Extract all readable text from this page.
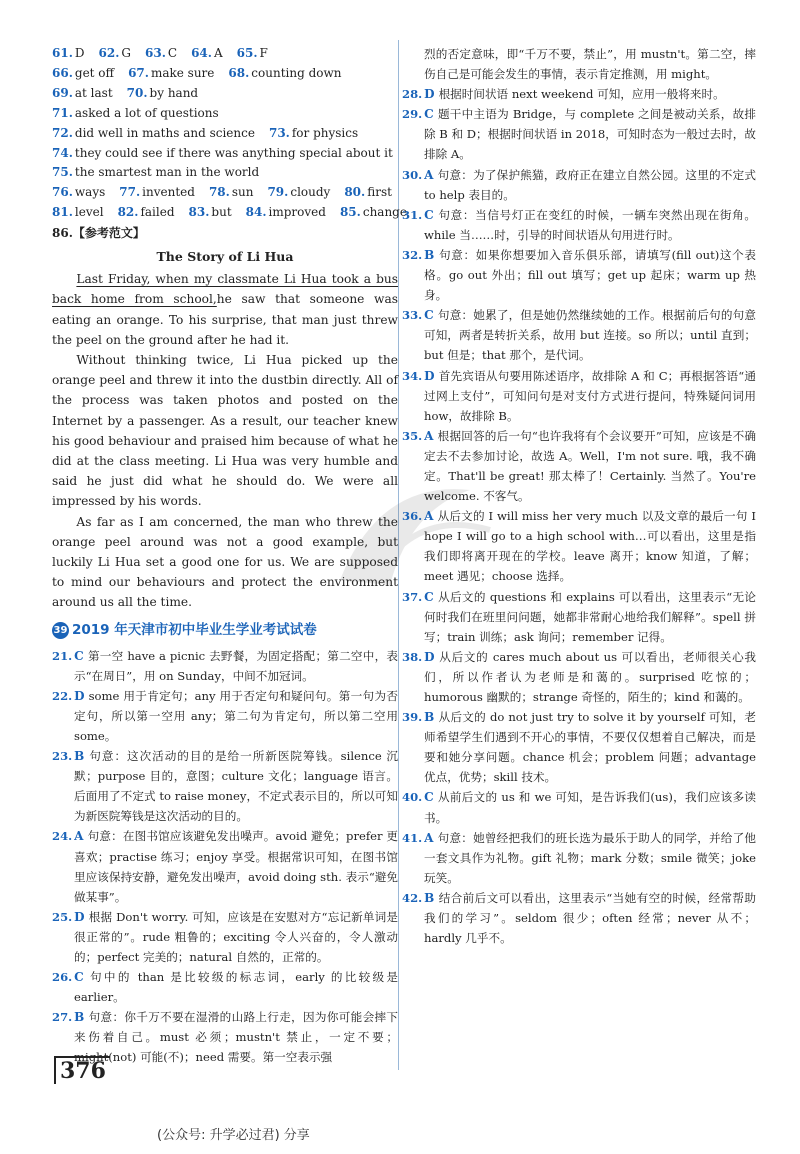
61. D 62. G 63. C 64. A 65. F
66. get off 67. make sure 68. counting down
69. at last 70. by hand
71. asked a lot of questions
72. did well in maths and science 73. for physics
74. they could see if there was anything special about it
75. the smartest man in the world
76. ways 77. invented 78. sun 79. cloudy 80. first
81. level 82. failed 83. but 84. improved 85. change
86.【参考范文】
The Story of Li Hua

Last Friday, when my classmate Li Hua took a bus back home from school,he saw that someone was eating an orange. To his surprise, that man just threw the peel on the ground after he had it.

Without thinking twice, Li Hua picked up the orange peel and threw it into the dustbin directly. All of the process was taken photos and posted on the Internet by a passenger. As a result, our teacher knew his good behaviour and praised him because of what he did at the class meeting. Li Hua was very humble and said he just did what he should do. We were all impressed by his words.

As far as I am concerned, the man who threw the orange peel around was not a good example, but luckily Li Hua set a good one for us. We are supposed to mind our behaviours and protect the environment around us all the time.

39 2019 年天津市初中毕业生学业考试试卷

21. C 第一空 have a picnic 去野餐，为固定搭配；第二空中，表示“在周日”，用 on Sunday，中间不加冠词。

22. D some 用于肯定句；any 用于否定句和疑问句。第一句为否定句，所以第一空用 any；第二句为肯定句，所以第二空用 some。

23. B 句意：这次活动的目的是给一所新医院筹钱。silence 沉默；purpose 目的，意图；culture 文化；language 语言。后面用了不定式 to raise money，不定式表示目的，所以可知为新医院筹钱是这次活动的目的。

24. A 句意：在图书馆应该避免发出噪声。avoid 避免；prefer 更喜欢；practise 练习；enjoy 享受。根据常识可知，在图书馆里应该保持安静，避免发出噪声，avoid doing sth. 表示“避免做某事”。

25. D 根据 Don't worry. 可知，应该是在安慰对方“忘记新单词是很正常的”。rude 粗鲁的；exciting 令人兴奋的，令人激动的；perfect 完美的；natural 自然的，正常的。

26. C 句中的 than 是比较级的标志词，early 的比较级是 earlier。

27. B 句意：你千万不要在湿滑的山路上行走，因为你可能会摔下来伤着自己。must 必须；mustn't 禁止，一定不要；might(not) 可能(不)；need 需要。第一空表示强

烈的否定意味，即“千万不要，禁止”，用 mustn't。第二空，摔伤自己是可能会发生的事情，表示肯定推测，用 might。

28. D 根据时间状语 next weekend 可知，应用一般将来时。

29. C 题干中主语为 Bridge，与 complete 之间是被动关系，故排除 B 和 D；根据时间状语 in 2018，可知时态为一般过去时，故排除 A。

30. A 句意：为了保护熊猫，政府正在建立自然公园。这里的不定式 to help 表目的。

31. C 句意：当信号灯正在变红的时候，一辆车突然出现在街角。while 当……时，引导的时间状语从句用进行时。

32. B 句意：如果你想要加入音乐俱乐部，请填写(fill out)这个表格。go out 外出；fill out 填写；get up 起床；warm up 热身。

33. C 句意：她累了，但是她仍然继续她的工作。根据前后句的句意可知，两者是转折关系，故用 but 连接。so 所以；until 直到；but 但是；that 那个，是代词。

34. D 首先宾语从句要用陈述语序，故排除 A 和 C；再根据答语“通过网上支付”，可知问句是对支付方式进行提问，特殊疑问词用 how，故排除 B。

35. A 根据回答的后一句“也许我将有个会议要开”可知，应该是不确定去不去参加讨论，故选 A。Well，I'm not sure. 哦，我不确定。That'll be great! 那太棒了！Certainly. 当然了。You're welcome. 不客气。

36. A 从后文的 I will miss her very much 以及文章的最后一句 I hope I will go to a high school with…可以看出，这里是指我们即将离开现在的学校。leave 离开；know 知道，了解；meet 遇见；choose 选择。

37. C 从后文的 questions 和 explains 可以看出，这里表示“无论何时我们在班里问问题，她都非常耐心地给我们解释”。spell 拼写；train 训练；ask 询问；remember 记得。

38. D 从后文的 cares much about us 可以看出，老师很关心我们，所以作者认为老师是和蔼的。surprised 吃惊的；humorous 幽默的；strange 奇怪的，陌生的；kind 和蔼的。

39. B 从后文的 do not just try to solve it by yourself 可知，老师希望学生们遇到不开心的事情，不要仅仅想着自己解决，而是要和她分享问题。chance 机会；problem 问题；advantage 优点，优势；skill 技术。

40. C 从前后文的 us 和 we 可知，是告诉我们(us)，我们应该多读书。

41. A 句意：她曾经把我们的班长选为最乐于助人的同学，并给了他一套文具作为礼物。gift 礼物；mark 分数；smile 微笑；joke 玩笑。

42. B 结合前后文可以看出，这里表示“当她有空的时候，经常帮助我们的学习”。seldom 很少；often 经常；never 从不；hardly 几乎不。

376
(公众号: 升学必过君) 分享
